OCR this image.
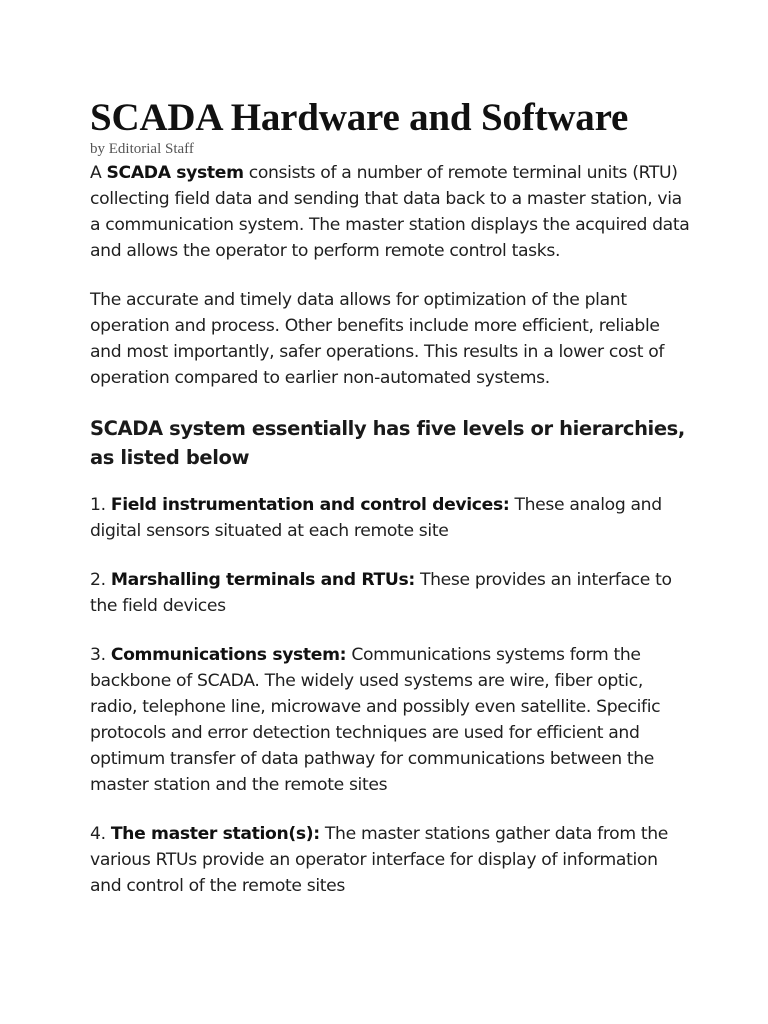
SCADA Hardware and Software

by Editorial Staff

A SCADA system consists of a number of remote terminal units (RTU) collecting field data and sending that data back to a master station, via a communication system. The master station displays the acquired data and allows the operator to perform remote control tasks.

The accurate and timely data allows for optimization of the plant operation and process. Other benefits include more efficient, reliable and most importantly, safer operations. This results in a lower cost of operation compared to earlier non-automated systems.

SCADA system essentially has five levels or hierarchies, as listed below

1. Field instrumentation and control devices: These analog and digital sensors situated at each remote site

2. Marshalling terminals and RTUs: These provides an interface to the field devices

3. Communications system: Communications systems form the backbone of SCADA. The widely used systems are wire, fiber optic, radio, telephone line, microwave and possibly even satellite. Specific protocols and error detection techniques are used for efficient and optimum transfer of data pathway for communications between the master station and the remote sites

4. The master station(s): The master stations gather data from the various RTUs provide an operator interface for display of information and control of the remote sites
